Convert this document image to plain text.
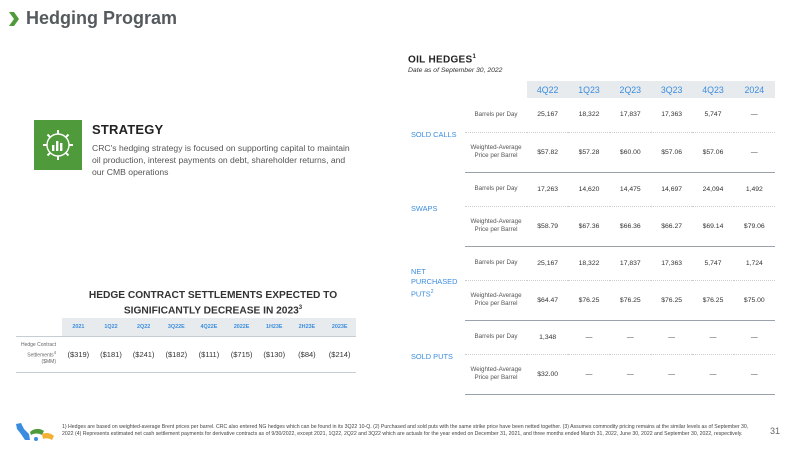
Hedging Program
STRATEGY
CRC's hedging strategy is focused on supporting capital to maintain oil production, interest payments on debt, shareholder returns, and our CMB operations
HEDGE CONTRACT SETTLEMENTS EXPECTED TO
SIGNIFICANTLY DECREASE IN 2023$^3$
	2021	1Q22	2Q22	3Q22E	4Q22E	2022E	1H23E	2H23E	2023E
Hedge Contract
Settlements$^4$
($MM)	($319)	($181)	($241)	($182)	($111)	($715)	($130)	($84)	($214)
OIL HEDGES$^1$
Date as of September 30, 2022
		4Q22	1Q23	2Q23	3Q23	4Q23	2024
SOLD CALLS	Barrels per Day	25,167	18,322	17,837	17,363	5,747	—
	Weighted-Average Price per Barrel	$57.82	$57.28	$60.00	$57.06	$57.06	—
SWAPS	Barrels per Day	17,263	14,620	14,475	14,697	24,094	1,492
	Weighted-Average Price per Barrel	$58.79	$67.36	$66.36	$66.27	$69.14	$79.06
NET PURCHASED PUTS$^2$	Barrels per Day	25,167	18,322	17,837	17,363	5,747	1,724
	Weighted-Average Price per Barrel	$64.47	$76.25	$76.25	$76.25	$76.25	$75.00
SOLD PUTS	Barrels per Day	1,348	—	—	—	—	—
	Weighted-Average Price per Barrel	$32.00	—	—	—	—	—
1) Hedges are based on weighted-average Brent prices per barrel. CRC also entered NG hedges which can be found in its 3Q22 10-Q. (2) Purchased and sold puts with the same strike price have been netted together. (3) Assumes commodity pricing remains at the similar levels as of September 30, 2022 (4) Represents estimated net cash settlement payments for derivative contracts as of 9/30/2022, except 2021, 1Q22, 2Q22 and 3Q22 which are actuals for the year ended on December 31, 2021, and three months ended March 31, 2022, June 30, 2022 and September 30, 2022, respectively.	31
